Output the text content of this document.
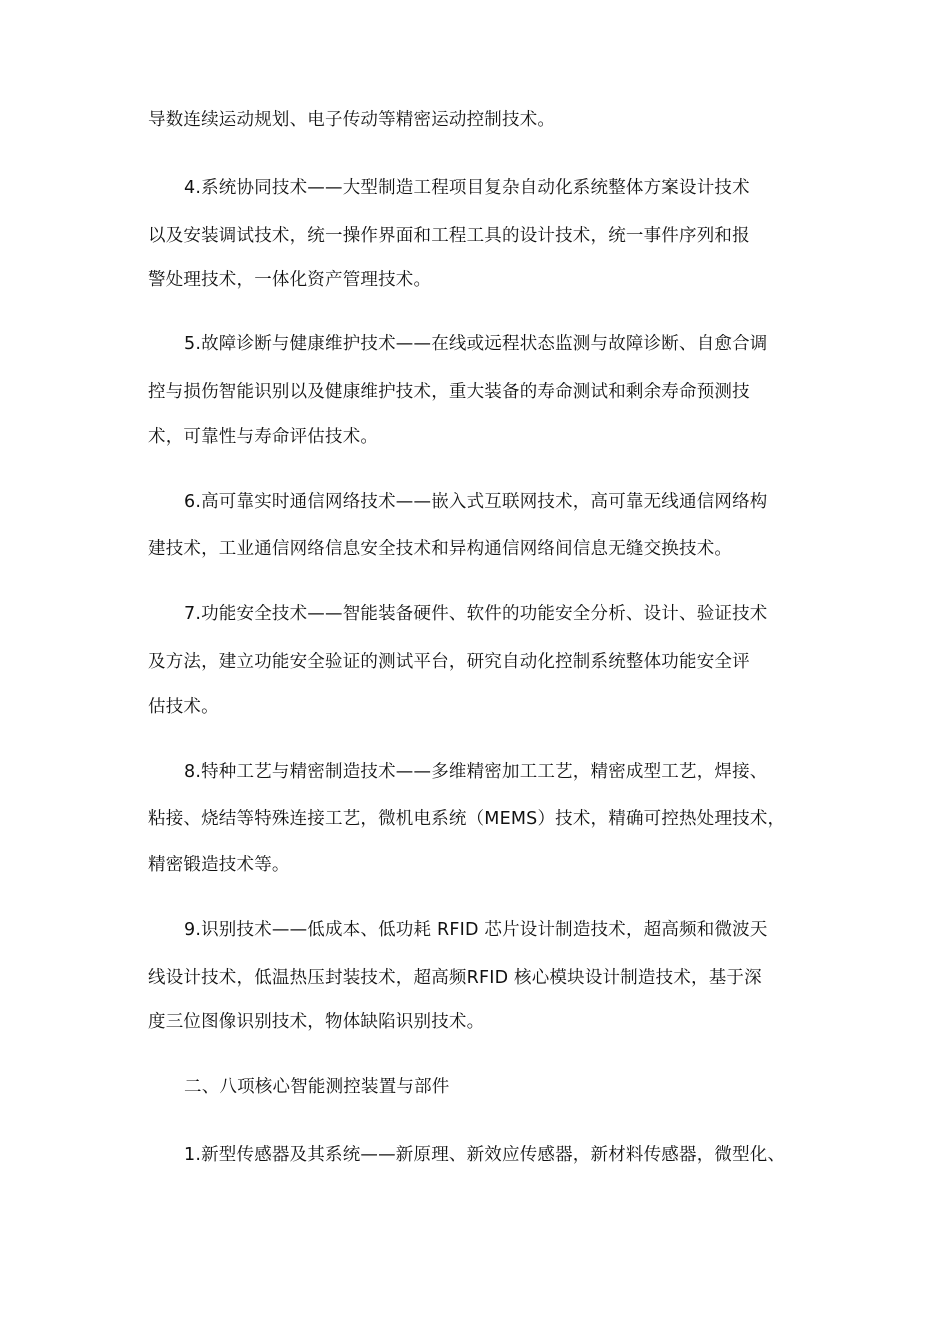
导数连续运动规划、电子传动等精密运动控制技术。
4.系统协同技术——大型制造工程项目复杂自动化系统整体方案设计技术
以及安装调试技术，统一操作界面和工程工具的设计技术，统一事件序列和报
警处理技术，一体化资产管理技术。
5.故障诊断与健康维护技术——在线或远程状态监测与故障诊断、自愈合调
控与损伤智能识别以及健康维护技术，重大装备的寿命测试和剩余寿命预测技
术，可靠性与寿命评估技术。
6.高可靠实时通信网络技术——嵌入式互联网技术，高可靠无线通信网络构
建技术，工业通信网络信息安全技术和异构通信网络间信息无缝交换技术。
7.功能安全技术——智能装备硬件、软件的功能安全分析、设计、验证技术
及方法，建立功能安全验证的测试平台，研究自动化控制系统整体功能安全评
估技术。
8.特种工艺与精密制造技术——多维精密加工工艺，精密成型工艺，焊接、
粘接、烧结等特殊连接工艺，微机电系统（MEMS）技术，精确可控热处理技术，
精密锻造技术等。
9.识别技术——低成本、低功耗 RFID 芯片设计制造技术，超高频和微波天
线设计技术，低温热压封装技术，超高频RFID 核心模块设计制造技术，基于深
度三位图像识别技术，物体缺陷识别技术。
二、八项核心智能测控装置与部件
1.新型传感器及其系统——新原理、新效应传感器，新材料传感器，微型化、
